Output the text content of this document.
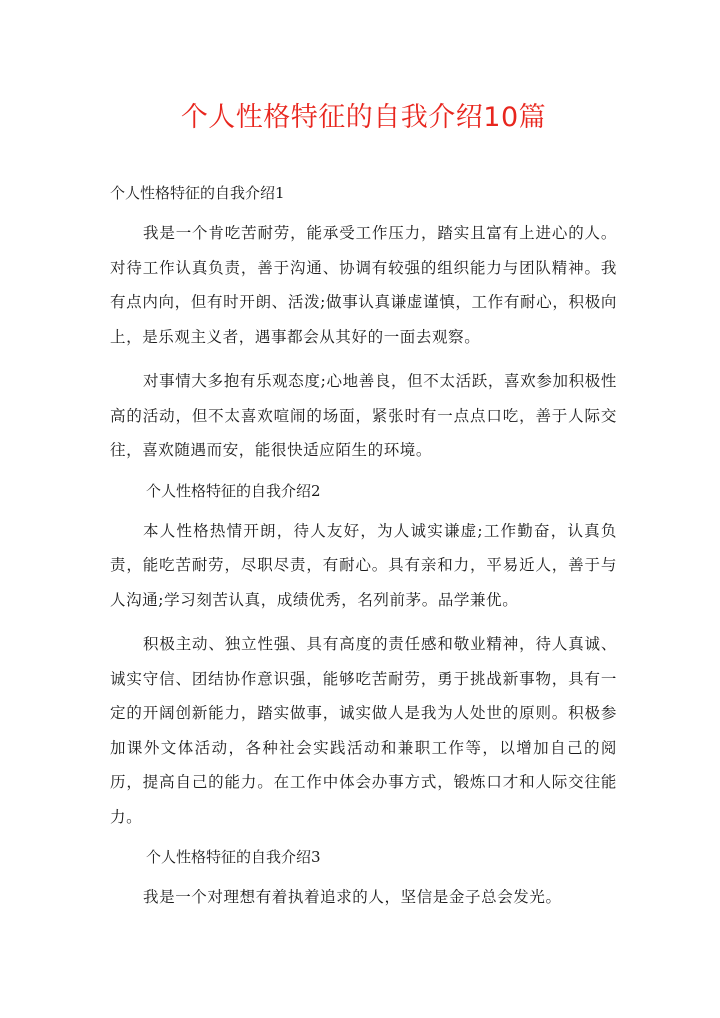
个人性格特征的自我介绍10篇

个人性格特征的自我介绍1

我是一个肯吃苦耐劳，能承受工作压力，踏实且富有上进心的人。对待工作认真负责，善于沟通、协调有较强的组织能力与团队精神。我有点内向，但有时开朗、活泼;做事认真谦虚谨慎，工作有耐心，积极向上，是乐观主义者，遇事都会从其好的一面去观察。

对事情大多抱有乐观态度;心地善良，但不太活跃，喜欢参加积极性高的活动，但不太喜欢喧闹的场面，紧张时有一点点口吃，善于人际交往，喜欢随遇而安，能很快适应陌生的环境。

个人性格特征的自我介绍2

本人性格热情开朗，待人友好，为人诚实谦虚;工作勤奋，认真负责，能吃苦耐劳，尽职尽责，有耐心。具有亲和力，平易近人，善于与人沟通;学习刻苦认真，成绩优秀，名列前茅。品学兼优。

积极主动、独立性强、具有高度的责任感和敬业精神，待人真诚、诚实守信、团结协作意识强，能够吃苦耐劳，勇于挑战新事物，具有一定的开阔创新能力，踏实做事，诚实做人是我为人处世的原则。积极参加课外文体活动，各种社会实践活动和兼职工作等，以增加自己的阅历，提高自己的能力。在工作中体会办事方式，锻炼口才和人际交往能力。

个人性格特征的自我介绍3

我是一个对理想有着执着追求的人，坚信是金子总会发光。
